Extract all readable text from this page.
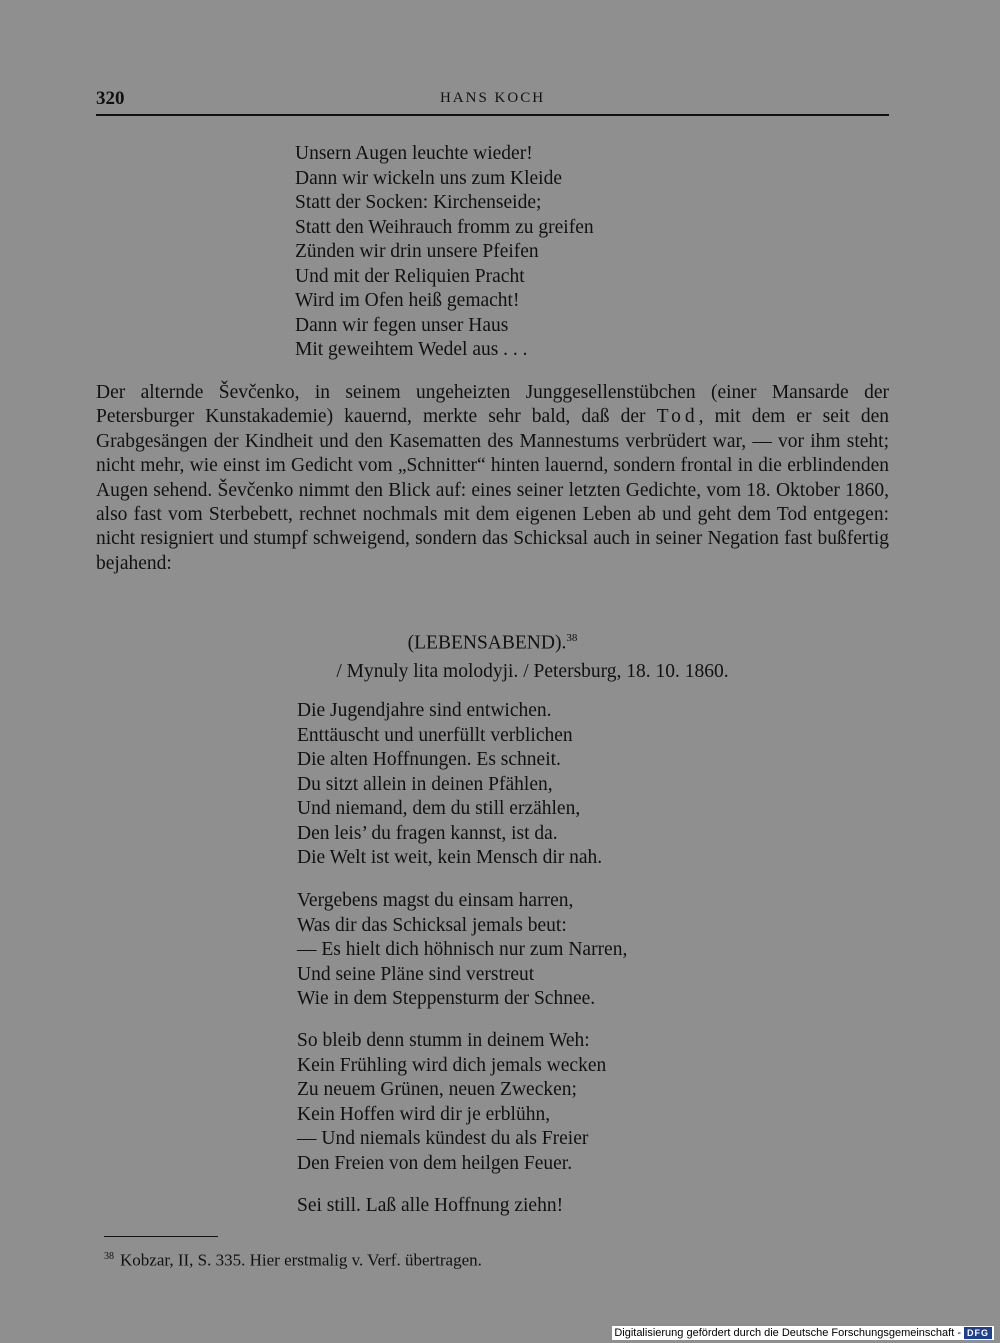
320	HANS KOCH
Unsern Augen leuchte wieder!
Dann wir wickeln uns zum Kleide
Statt der Socken: Kirchenseide;
Statt den Weihrauch fromm zu greifen
Zünden wir drin unsere Pfeifen
Und mit der Reliquien Pracht
Wird im Ofen heiß gemacht!
Dann wir fegen unser Haus
Mit geweihtem Wedel aus . . .

Der alternde Ševčenko, in seinem ungeheizten Junggesellenstübchen (einer Mansarde der Petersburger Kunstakademie) kauernd, merkte sehr bald, daß der Tod, mit dem er seit den Grabgesängen der Kindheit und den Kasematten des Mannestums verbrüdert war, — vor ihm steht; nicht mehr, wie einst im Gedicht vom „Schnitter“ hinten lauernd, sondern frontal in die erblindenden Augen sehend. Ševčenko nimmt den Blick auf: eines seiner letzten Gedichte, vom 18. Oktober 1860, also fast vom Sterbebett, rechnet nochmals mit dem eigenen Leben ab und geht dem Tod entgegen: nicht resigniert und stumpf schweigend, sondern das Schicksal auch in seiner Negation fast bußfertig bejahend:

(LEBENSABEND).$^{38}$
/ Mynuly lita molodyji. / Petersburg, 18. 10. 1860.
Die Jugendjahre sind entwichen.
Enttäuscht und unerfüllt verblichen
Die alten Hoffnungen. Es schneit.
Du sitzt allein in deinen Pfählen,
Und niemand, dem du still erzählen,
Den leis’ du fragen kannst, ist da.
Die Welt ist weit, kein Mensch dir nah.
Vergebens magst du einsam harren,
Was dir das Schicksal jemals beut:
— Es hielt dich höhnisch nur zum Narren,
Und seine Pläne sind verstreut
Wie in dem Steppensturm der Schnee.
So bleib denn stumm in deinem Weh:
Kein Frühling wird dich jemals wecken
Zu neuem Grünen, neuen Zwecken;
Kein Hoffen wird dir je erblühn,
— Und niemals kündest du als Freier
Den Freien von dem heilgen Feuer.
Sei still. Laß alle Hoffnung ziehn!
$^{38}$ Kobzar, II, S. 335. Hier erstmalig v. Verf. übertragen.
Digitalisierung gefördert durch die Deutsche Forschungsgemeinschaft - DFG
